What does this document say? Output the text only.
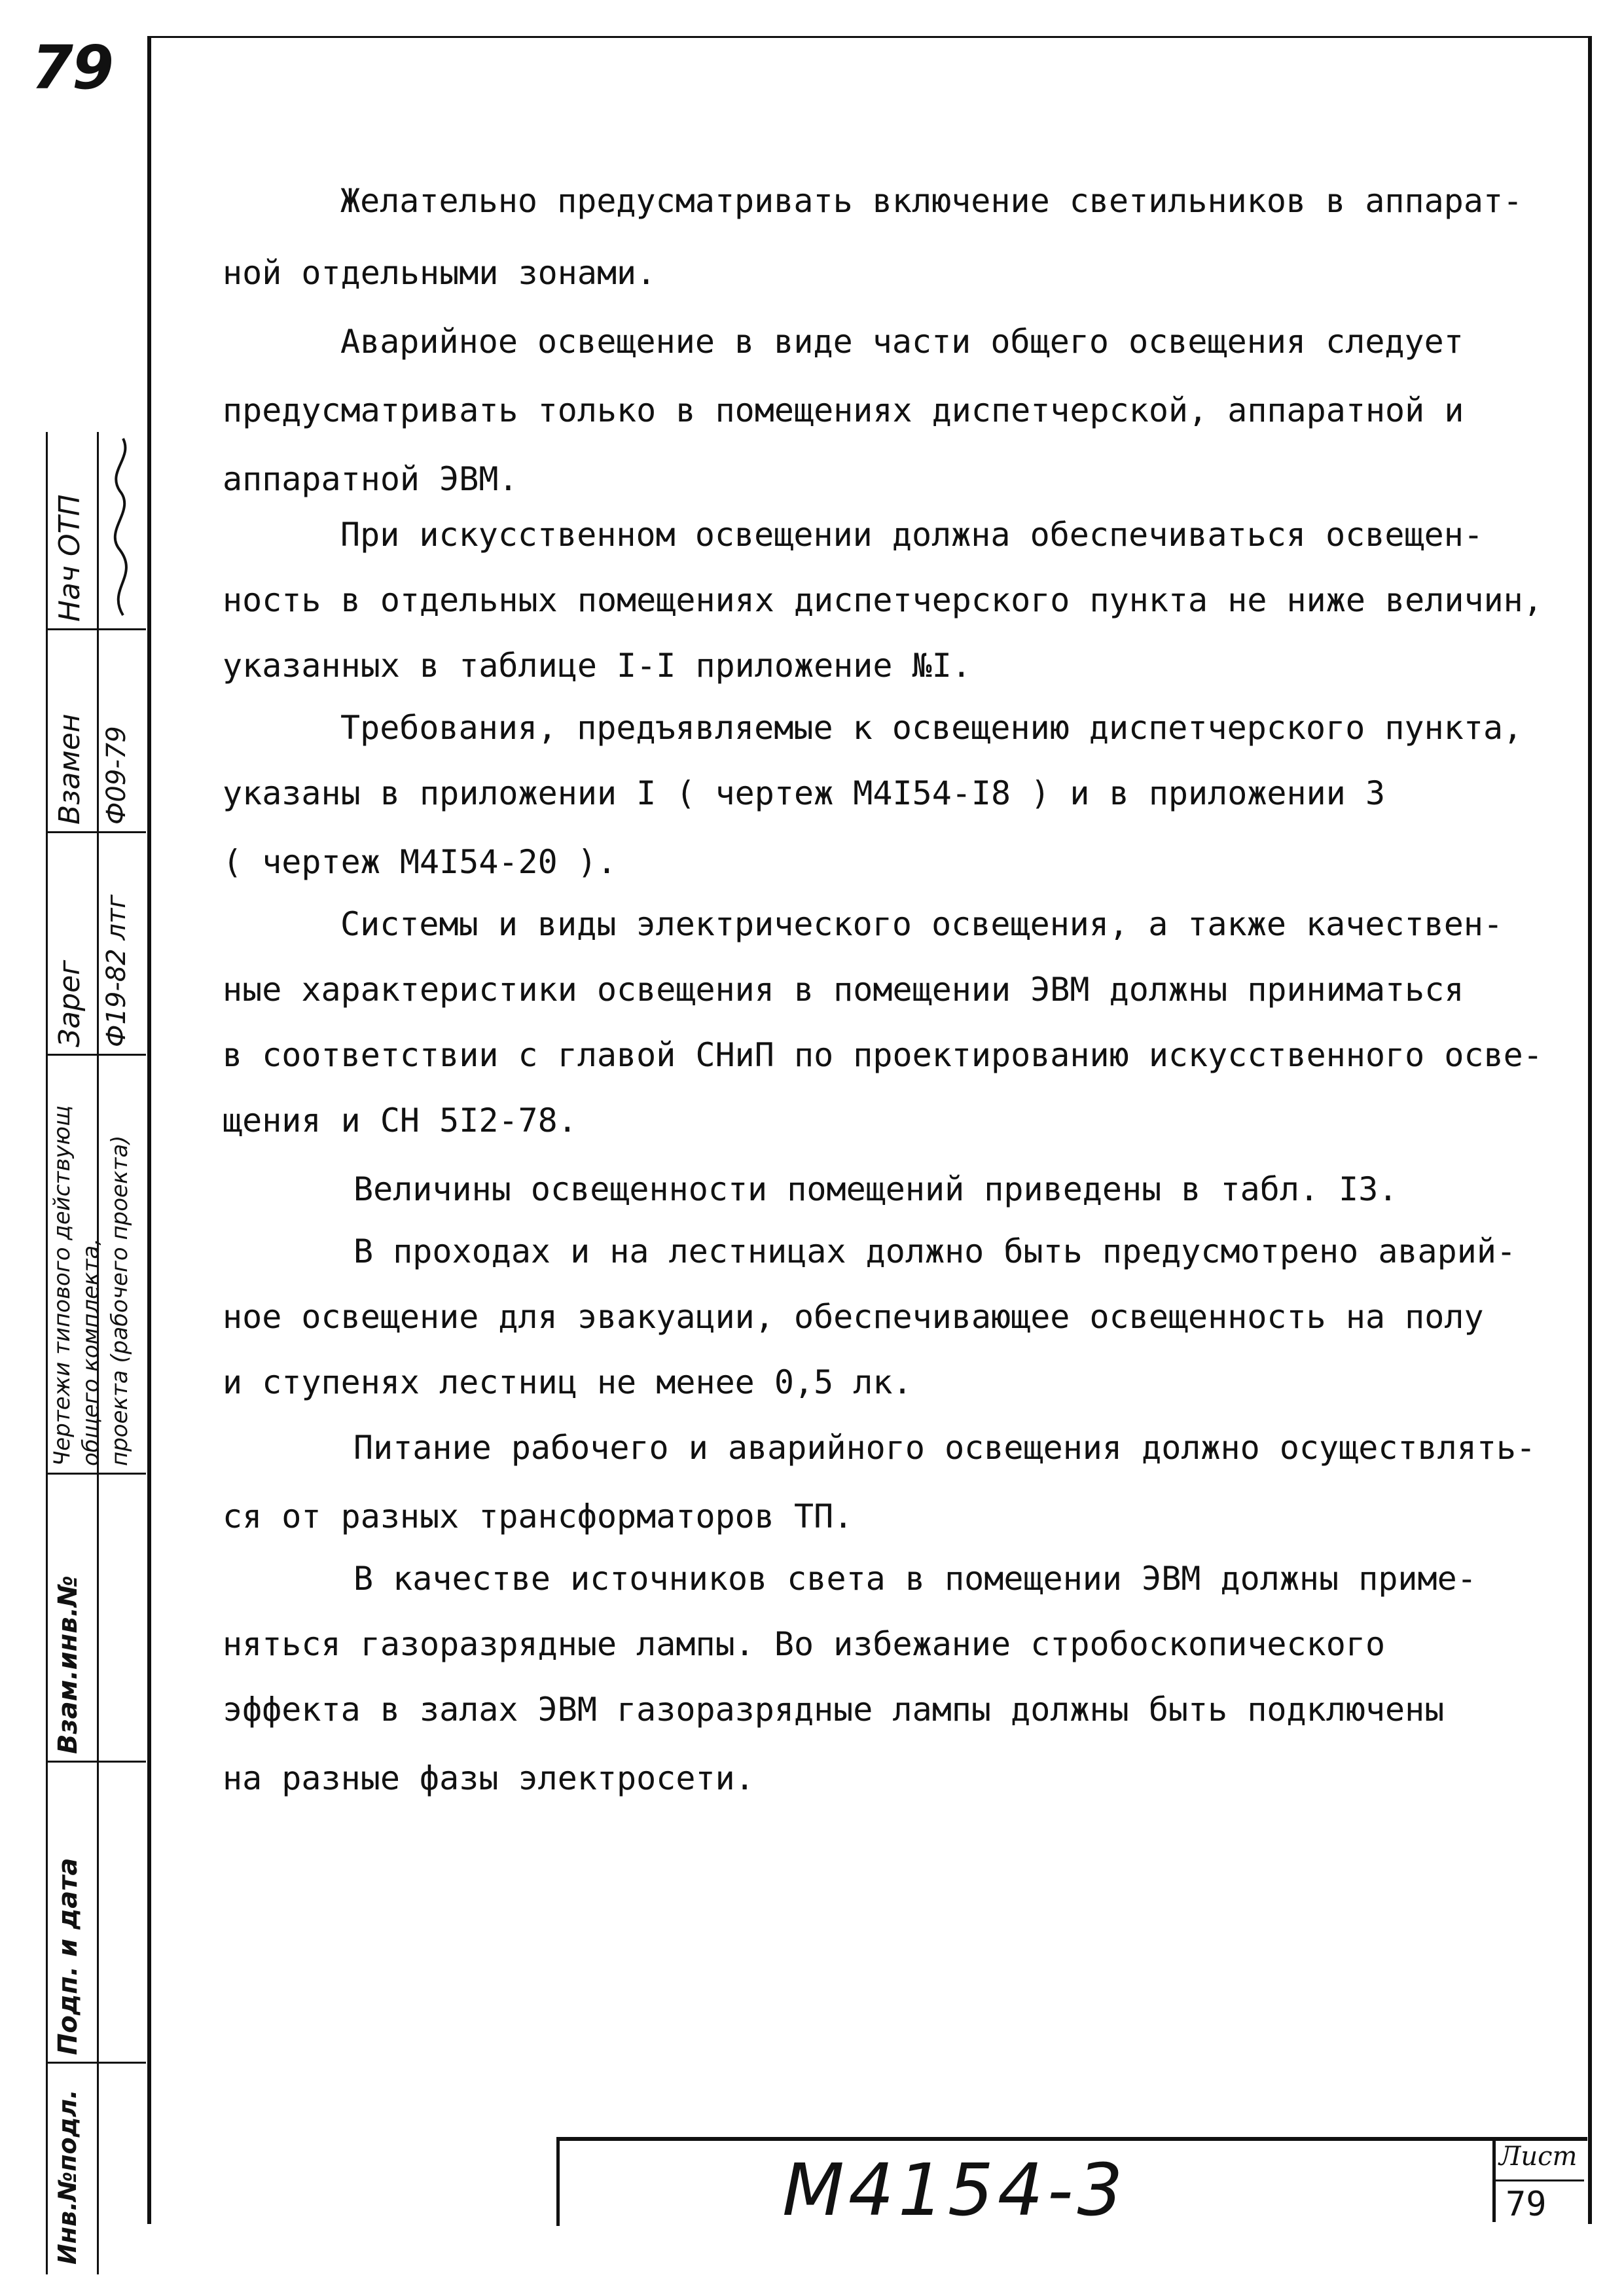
79
Желательно предусматривать включение светильников в аппарат-
ной отдельными зонами.
Аварийное освещение в виде части общего освещения следует
предусматривать только в помещениях диспетчерской, аппаратной и
аппаратной ЭВМ.
При искусственном освещении должна обеспечиваться освещен-
ность в отдельных помещениях диспетчерского пункта не ниже величин,
указанных в таблице I-I приложение №I.
Требования, предъявляемые к освещению диспетчерского пункта,
указаны в приложении I ( чертеж М4I54-I8 ) и в приложении 3
( чертеж М4I54-20 ).
Системы и виды электрического освещения, а также качествен-
ные характеристики освещения в помещении ЭВМ должны приниматься
в соответствии с главой СНиП по проектированию искусственного осве-
щения и СН 5I2-78.
Величины освещенности помещений приведены в табл. I3.
В проходах и на лестницах должно быть предусмотрено аварий-
ное освещение для эвакуации, обеспечивающее освещенность на полу
и ступенях лестниц не менее 0,5 лк.
Питание рабочего и аварийного освещения должно осуществлять-
ся от разных трансформаторов ТП.
В качестве источников света в помещении ЭВМ должны приме-
няться газоразрядные лампы. Во избежание стробоскопического
эффекта в залах ЭВМ газоразрядные лампы должны быть подключены
на разные фазы электросети.
Нач ОТП
Взамен Ф09-79
Зарег Ф19-82 лтг
Чертежи типового действующ общего комплекта, проекта (рабочего проекта)
Взам.инв.№
Подп. и дата
Инв.№подл.	М4154-3	Лист
79
